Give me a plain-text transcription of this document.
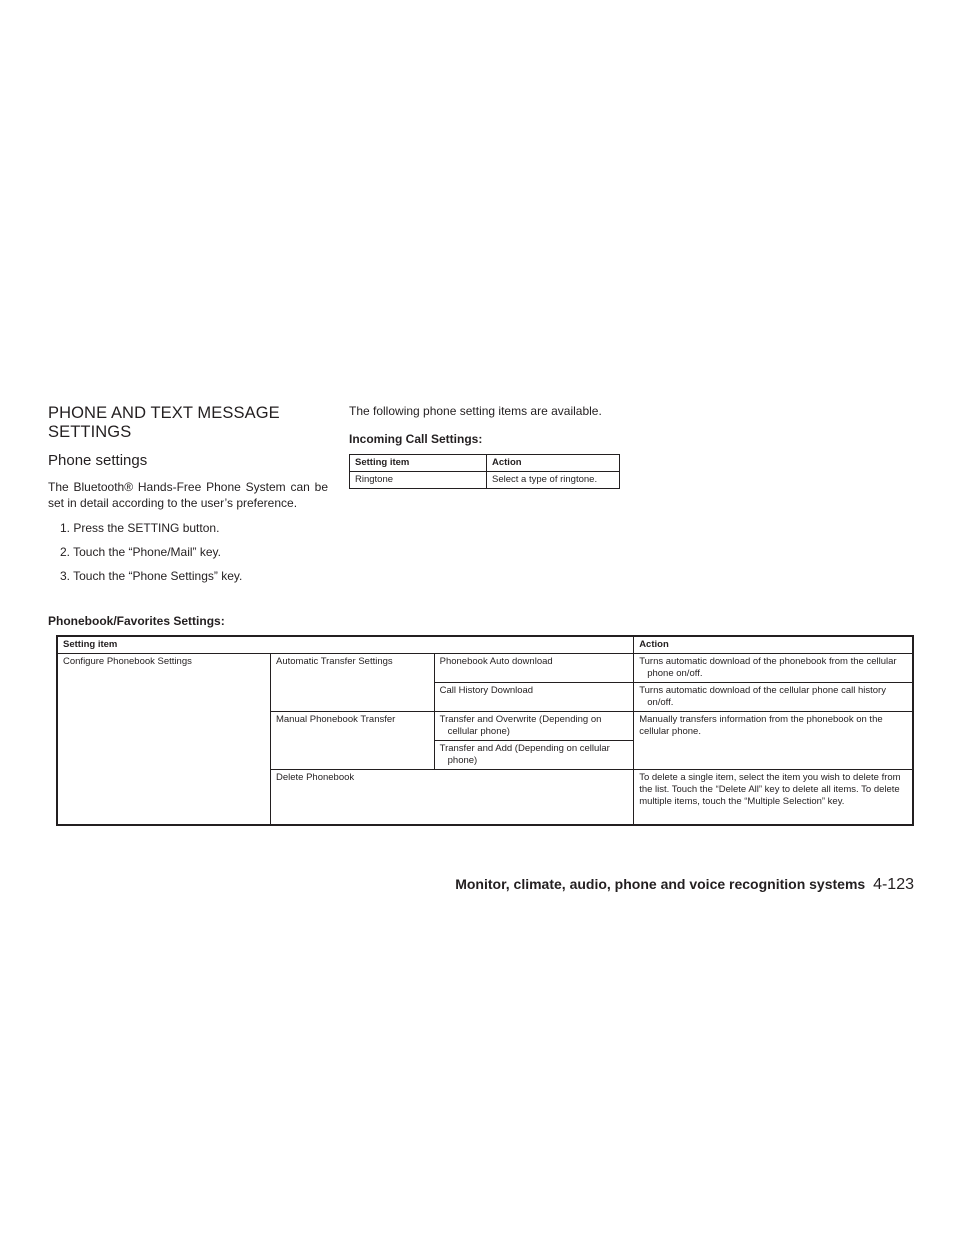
PHONE AND TEXT MESSAGE SETTINGS
Phone settings

The Bluetooth® Hands-Free Phone System can be set in detail according to the user’s preference.

1. Press the SETTING button.
2. Touch the “Phone/Mail” key.
3. Touch the “Phone Settings” key.

The following phone setting items are available.

Incoming Call Settings:

Setting item	Action
Ringtone	Select a type of ringtone.
Phonebook/Favorites Settings:
Setting item			Action
Configure Phonebook Settings	Automatic Transfer Settings	Phonebook Auto download	Turns automatic download of the phonebook from the cellular phone on/off.
		Call History Download	Turns automatic download of the cellular phone call history on/off.
	Manual Phonebook Transfer	Transfer and Overwrite (Depending on cellular phone)	Manually transfers information from the phonebook on the cellular phone.
		Transfer and Add (Depending on cellular phone)	
	Delete Phonebook		To delete a single item, select the item you wish to delete from the list. Touch the “Delete All” key to delete all items. To delete multiple items, touch the “Multiple Selection” key.
Monitor, climate, audio, phone and voice recognition systems 4-123
